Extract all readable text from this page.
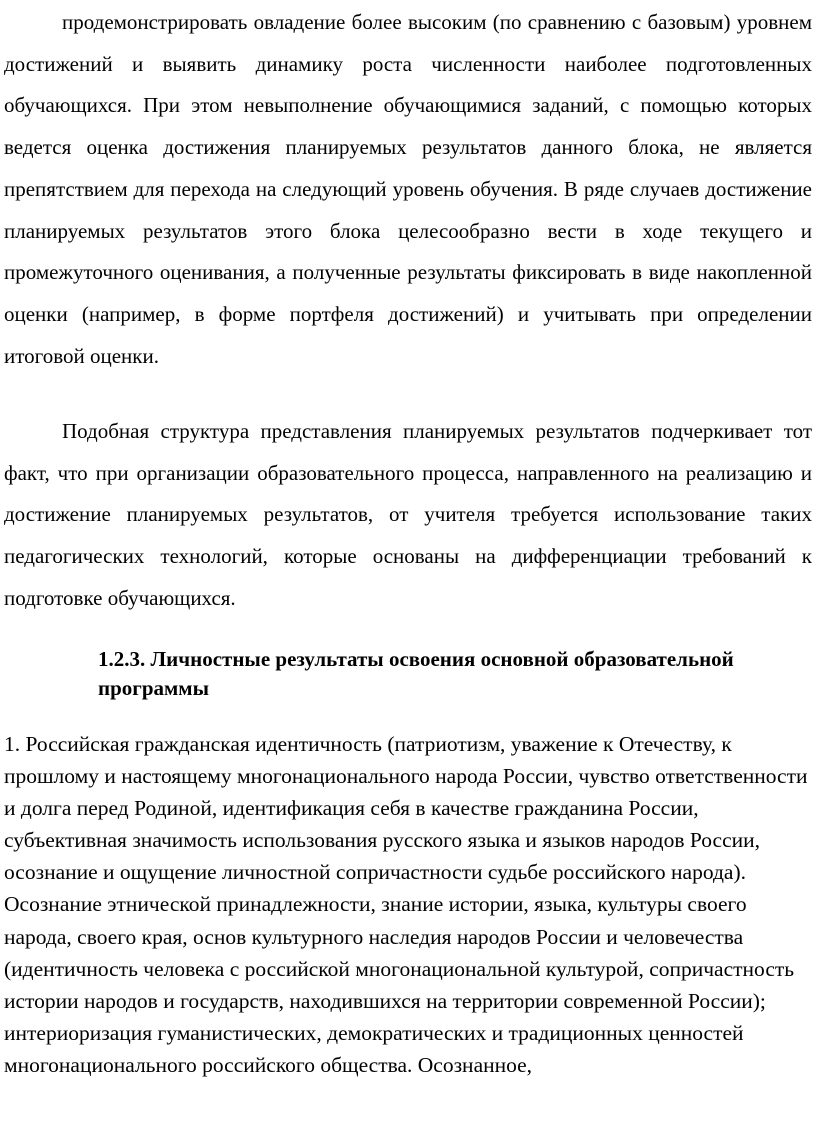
продемонстрировать овладение более высоким (по сравнению с базовым) уровнем достижений и выявить динамику роста численности наиболее подготовленных обучающихся. При этом невыполнение обучающимися заданий, с помощью которых ведется оценка достижения планируемых результатов данного блока, не является препятствием для перехода на следующий уровень обучения. В ряде случаев достижение планируемых результатов этого блока целесообразно вести в ходе текущего и промежуточного оценивания, а полученные результаты фиксировать в виде накопленной оценки (например, в форме портфеля достижений) и учитывать при определении итоговой оценки.

Подобная структура представления планируемых результатов подчеркивает тот факт, что при организации образовательного процесса, направленного на реализацию и достижение планируемых результатов, от учителя требуется использование таких педагогических технологий, которые основаны на дифференциации требований к подготовке обучающихся.

1.2.3. Личностные результаты освоения основной образовательной программы

1. Российская гражданская идентичность (патриотизм, уважение к Отечеству, к прошлому и настоящему многонационального народа России, чувство ответственности и долга перед Родиной, идентификация себя в качестве гражданина России, субъективная значимость использования русского языка и языков народов России, осознание и ощущение личностной сопричастности судьбе российского народа). Осознание этнической принадлежности, знание истории, языка, культуры своего народа, своего края, основ культурного наследия народов России и человечества (идентичность человека с российской многонациональной культурой, сопричастность истории народов и государств, находившихся на территории современной России); интериоризация гуманистических, демократических и традиционных ценностей многонационального российского общества. Осознанное,
